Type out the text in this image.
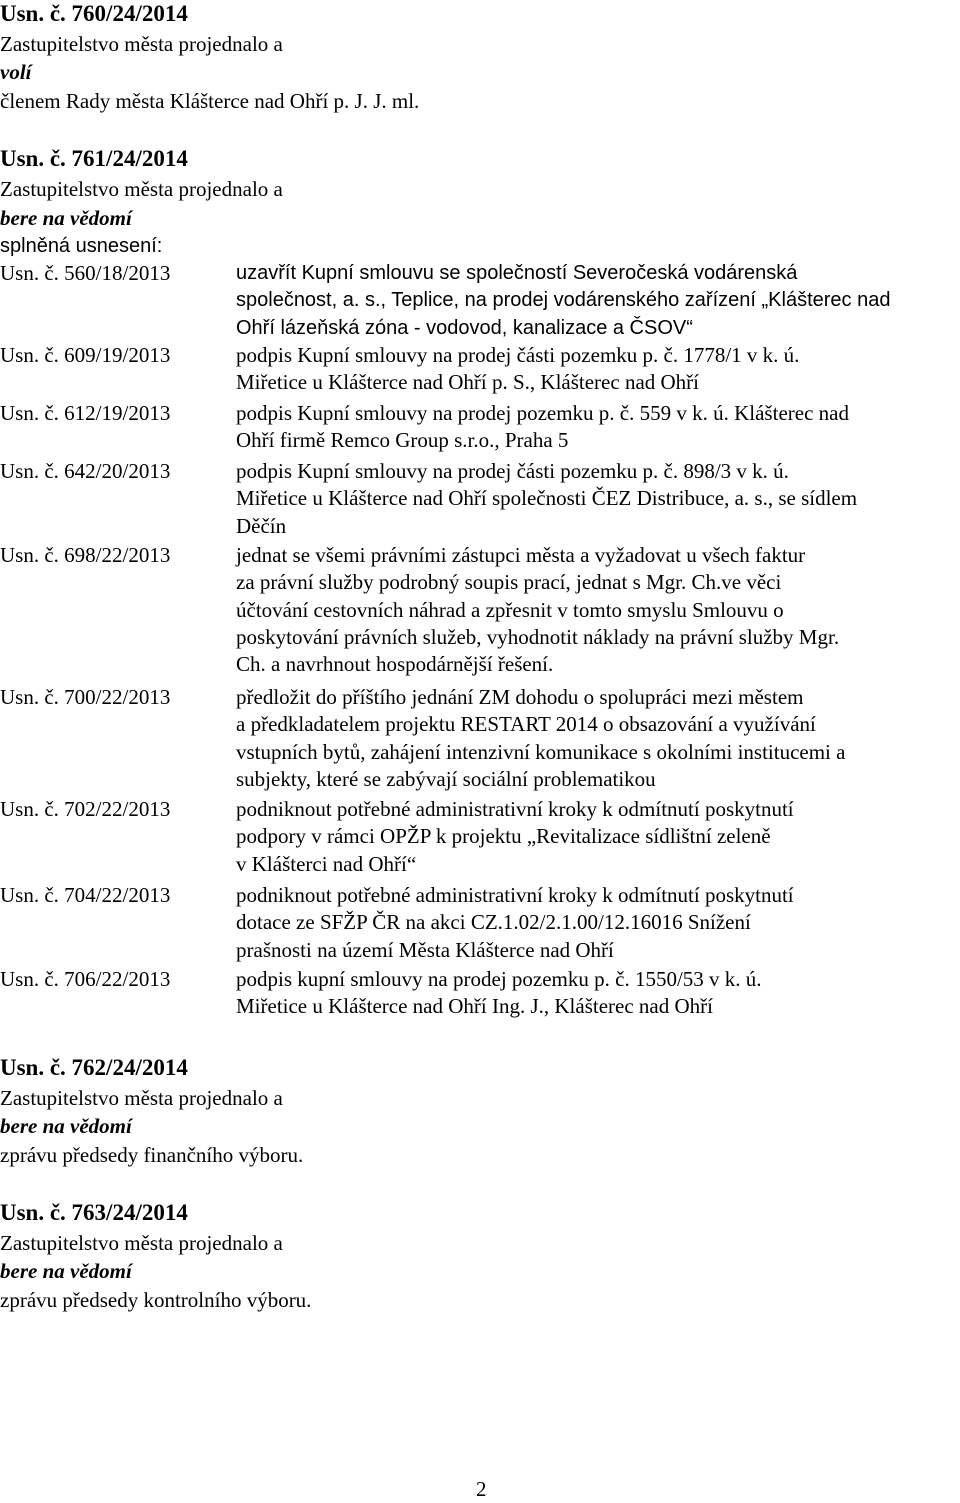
Usn. č. 760/24/2014
Zastupitelstvo města projednalo a
volí
členem Rady města Klášterce nad Ohří p. J. J. ml.
Usn. č. 761/24/2014
Zastupitelstvo města projednalo a
bere na vědomí
splněná usnesení:
Usn. č. 560/18/2013	uzavřít Kupní smlouvu se společností Severočeská vodárenská
společnost, a. s., Teplice, na prodej vodárenského zařízení „Klášterec nad
Ohří lázeňská zóna - vodovod, kanalizace a ČSOV“
Usn. č. 609/19/2013	podpis Kupní smlouvy na prodej části pozemku p. č. 1778/1 v k. ú.
Miřetice u Klášterce nad Ohří p. S., Klášterec nad Ohří
Usn. č. 612/19/2013	podpis Kupní smlouvy na prodej pozemku p. č. 559 v k. ú. Klášterec nad
Ohří firmě Remco Group s.r.o., Praha 5
Usn. č. 642/20/2013	podpis Kupní smlouvy na prodej části pozemku p. č. 898/3 v k. ú.
Miřetice u Klášterce nad Ohří společnosti ČEZ Distribuce, a. s., se sídlem
Děčín
Usn. č. 698/22/2013	jednat se všemi právními zástupci města a vyžadovat u všech faktur
za právní služby podrobný soupis prací, jednat s Mgr. Ch.ve věci
účtování cestovních náhrad a zpřesnit v tomto smyslu Smlouvu o
poskytování právních služeb, vyhodnotit náklady na právní služby Mgr.
Ch. a navrhnout hospodárnější řešení.
Usn. č. 700/22/2013	předložit do příštího jednání ZM dohodu o spolupráci mezi městem
a předkladatelem projektu RESTART 2014 o obsazování a využívání
vstupních bytů, zahájení intenzivní komunikace s okolními institucemi a
subjekty, které se zabývají sociální problematikou
Usn. č. 702/22/2013	podniknout potřebné administrativní kroky k odmítnutí poskytnutí
podpory v rámci OPŽP k projektu „Revitalizace sídlištní zeleně
v Klášterci nad Ohří“
Usn. č. 704/22/2013	podniknout potřebné administrativní kroky k odmítnutí poskytnutí
dotace ze SFŽP ČR na akci CZ.1.02/2.1.00/12.16016 Snížení
prašnosti na území Města Klášterce nad Ohří
Usn. č. 706/22/2013	podpis kupní smlouvy na prodej pozemku p. č. 1550/53 v k. ú.
Miřetice u Klášterce nad Ohří Ing. J., Klášterec nad Ohří
Usn. č. 762/24/2014
Zastupitelstvo města projednalo a
bere na vědomí
zprávu předsedy finančního výboru.
Usn. č. 763/24/2014
Zastupitelstvo města projednalo a
bere na vědomí
zprávu předsedy kontrolního výboru.
2
